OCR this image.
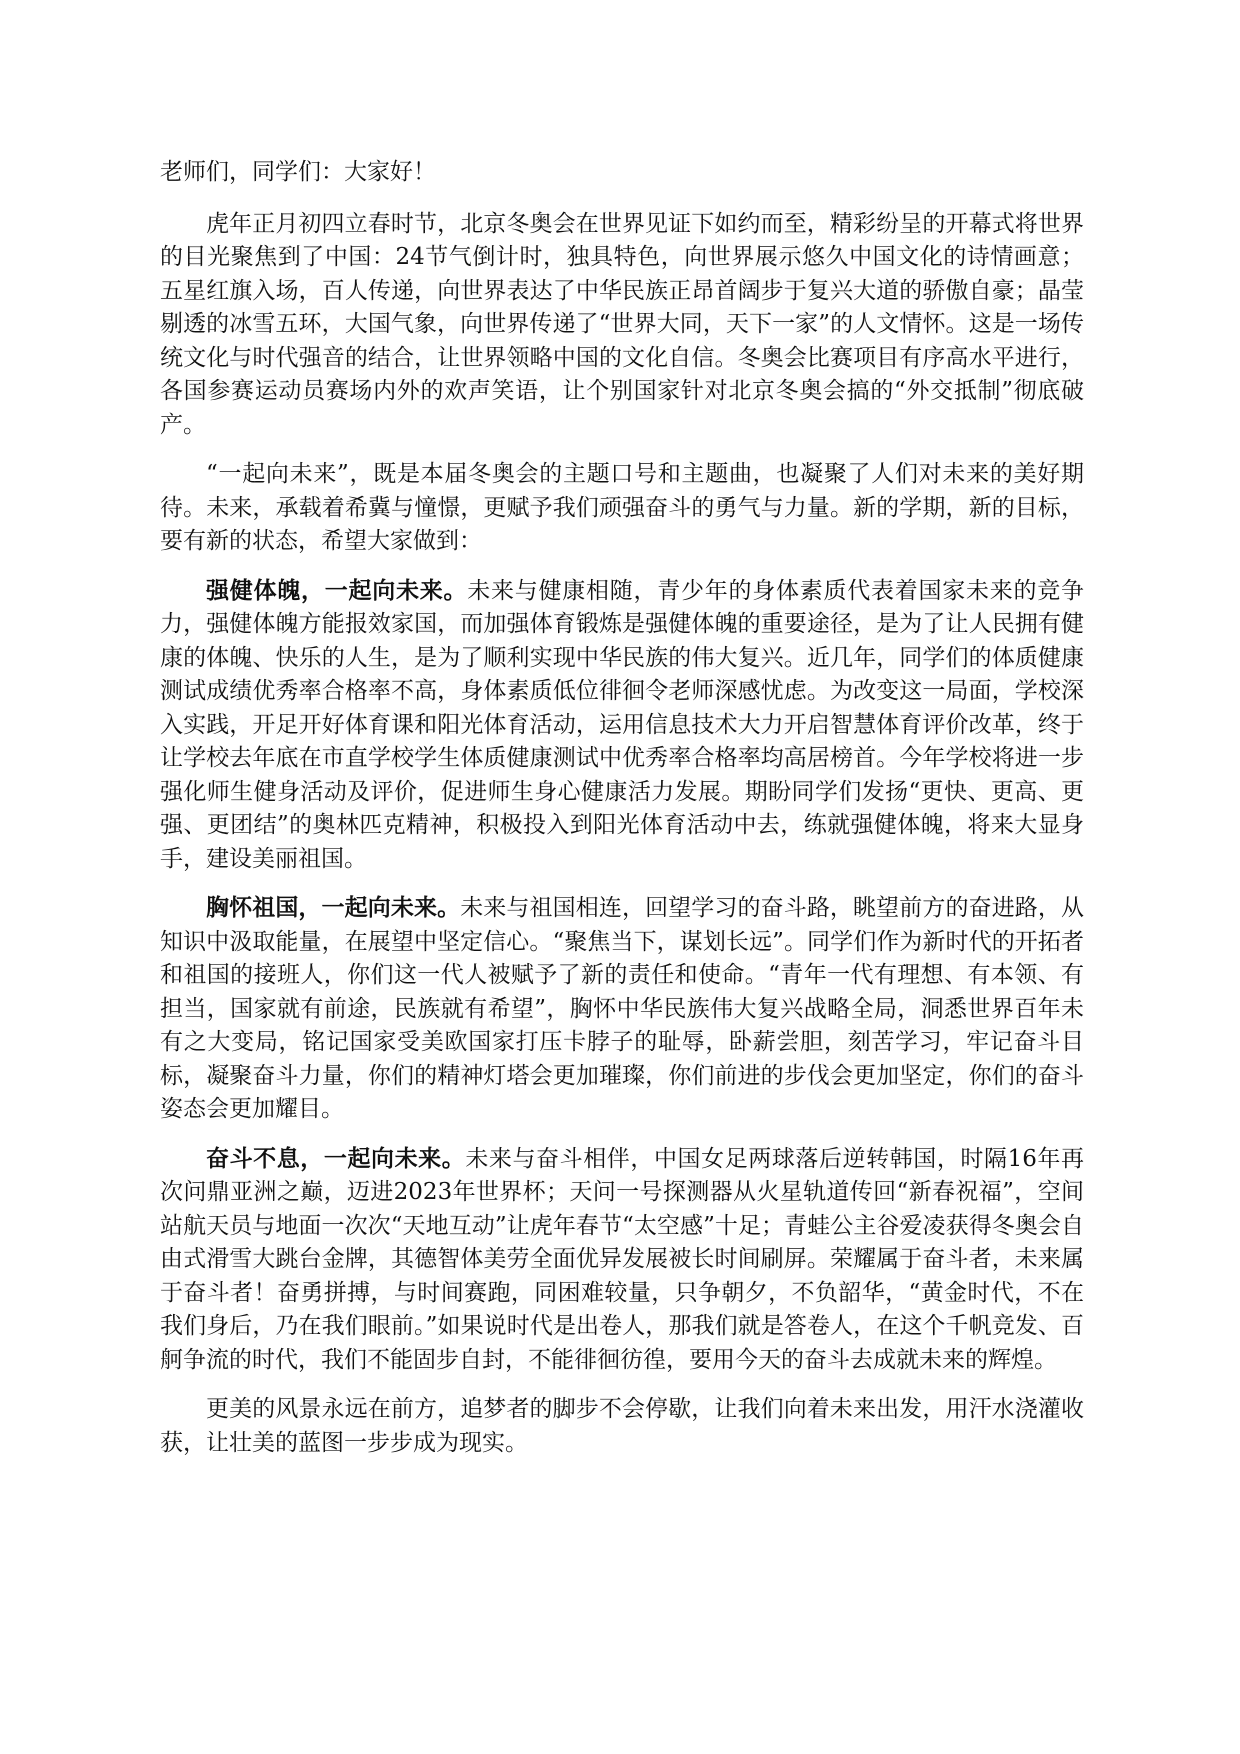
老师们，同学们：大家好！

虎年正月初四立春时节，北京冬奥会在世界见证下如约而至，精彩纷呈的开幕式将世界的目光聚焦到了中国：24节气倒计时，独具特色，向世界展示悠久中国文化的诗情画意；五星红旗入场，百人传递，向世界表达了中华民族正昂首阔步于复兴大道的骄傲自豪；晶莹剔透的冰雪五环，大国气象，向世界传递了“世界大同，天下一家”的人文情怀。这是一场传统文化与时代强音的结合，让世界领略中国的文化自信。冬奥会比赛项目有序高水平进行，各国参赛运动员赛场内外的欢声笑语，让个别国家针对北京冬奥会搞的“外交抵制”彻底破产。

“一起向未来”，既是本届冬奥会的主题口号和主题曲，也凝聚了人们对未来的美好期待。未来，承载着希冀与憧憬，更赋予我们顽强奋斗的勇气与力量。新的学期，新的目标，要有新的状态，希望大家做到：

强健体魄，一起向未来。未来与健康相随，青少年的身体素质代表着国家未来的竞争力，强健体魄方能报效家国，而加强体育锻炼是强健体魄的重要途径，是为了让人民拥有健康的体魄、快乐的人生，是为了顺利实现中华民族的伟大复兴。近几年，同学们的体质健康测试成绩优秀率合格率不高，身体素质低位徘徊令老师深感忧虑。为改变这一局面，学校深入实践，开足开好体育课和阳光体育活动，运用信息技术大力开启智慧体育评价改革，终于让学校去年底在市直学校学生体质健康测试中优秀率合格率均高居榜首。今年学校将进一步强化师生健身活动及评价，促进师生身心健康活力发展。期盼同学们发扬“更快、更高、更强、更团结”的奥林匹克精神，积极投入到阳光体育活动中去，练就强健体魄，将来大显身手，建设美丽祖国。

胸怀祖国，一起向未来。未来与祖国相连，回望学习的奋斗路，眺望前方的奋进路，从知识中汲取能量，在展望中坚定信心。“聚焦当下，谋划长远”。同学们作为新时代的开拓者和祖国的接班人，你们这一代人被赋予了新的责任和使命。“青年一代有理想、有本领、有担当，国家就有前途，民族就有希望”，胸怀中华民族伟大复兴战略全局，洞悉世界百年未有之大变局，铭记国家受美欧国家打压卡脖子的耻辱，卧薪尝胆，刻苦学习，牢记奋斗目标，凝聚奋斗力量，你们的精神灯塔会更加璀璨，你们前进的步伐会更加坚定，你们的奋斗姿态会更加耀目。

奋斗不息，一起向未来。未来与奋斗相伴，中国女足两球落后逆转韩国，时隔16年再次问鼎亚洲之巅，迈进2023年世界杯；天问一号探测器从火星轨道传回“新春祝福”，空间站航天员与地面一次次“天地互动”让虎年春节“太空感”十足；青蛙公主谷爱凌获得冬奥会自由式滑雪大跳台金牌，其德智体美劳全面优异发展被长时间刷屏。荣耀属于奋斗者，未来属于奋斗者！奋勇拼搏，与时间赛跑，同困难较量，只争朝夕，不负韶华，“黄金时代，不在我们身后，乃在我们眼前。”如果说时代是出卷人，那我们就是答卷人，在这个千帆竞发、百舸争流的时代，我们不能固步自封，不能徘徊彷徨，要用今天的奋斗去成就未来的辉煌。

更美的风景永远在前方，追梦者的脚步不会停歇，让我们向着未来出发，用汗水浇灌收获，让壮美的蓝图一步步成为现实。
